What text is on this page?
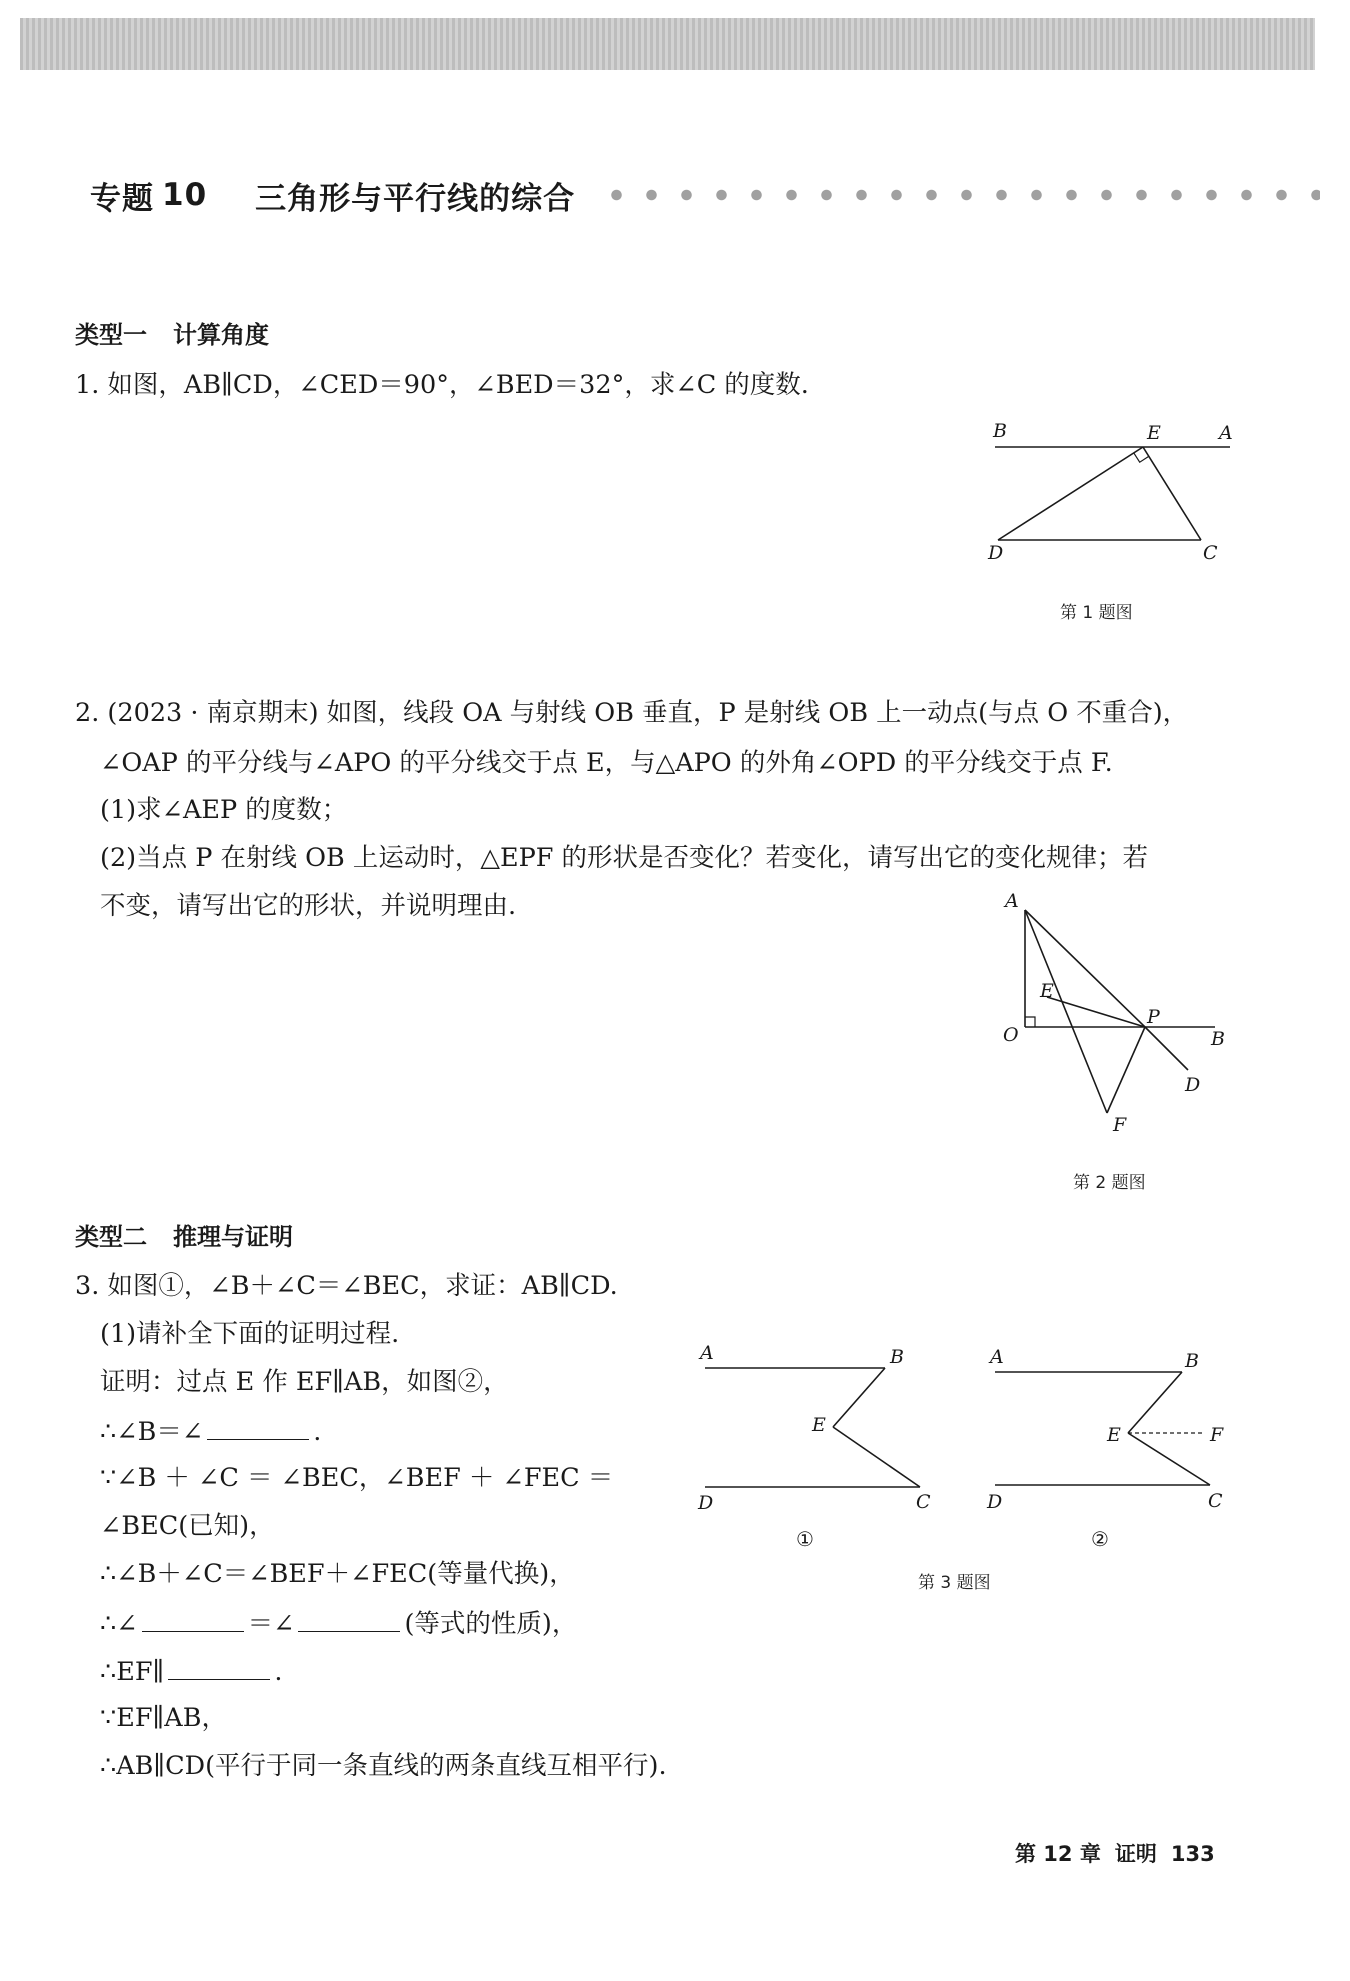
专题 10 三角形与平行线的综合
类型一 计算角度
1. 如图，AB∥CD，∠CED＝90°，∠BED＝32°，求∠C 的度数.
B	E	A
D	C
第 1 题图
2. (2023 · 南京期末) 如图，线段 OA 与射线 OB 垂直，P 是射线 OB 上一动点(与点 O 不重合)，
∠OAP 的平分线与∠APO 的平分线交于点 E，与△APO 的外角∠OPD 的平分线交于点 F.
(1)求∠AEP 的度数；
(2)当点 P 在射线 OB 上运动时，△EPF 的形状是否变化？若变化，请写出它的变化规律；若
不变，请写出它的形状，并说明理由.	A
E
O
P
B
D
F
第 2 题图
类型二 推理与证明
3. 如图①，∠B＋∠C＝∠BEC，求证：AB∥CD.
(1)请补全下面的证明过程.
证明：过点 E 作 EF∥AB，如图②，
∴∠B＝∠	.
∵∠B ＋ ∠C ＝ ∠BEC，∠BEF ＋ ∠FEC ＝
∠BEC(已知)，
∴∠B＋∠C＝∠BEF＋∠FEC(等量代换)，
∴∠	＝∠	(等式的性质)，
∴EF∥	.
∵EF∥AB，
∴AB∥CD(平行于同一条直线的两条直线互相平行).
A	B
E
D	C
①
A	B
E	F
D	C
②
第 3 题图
第 12 章 证明 133
